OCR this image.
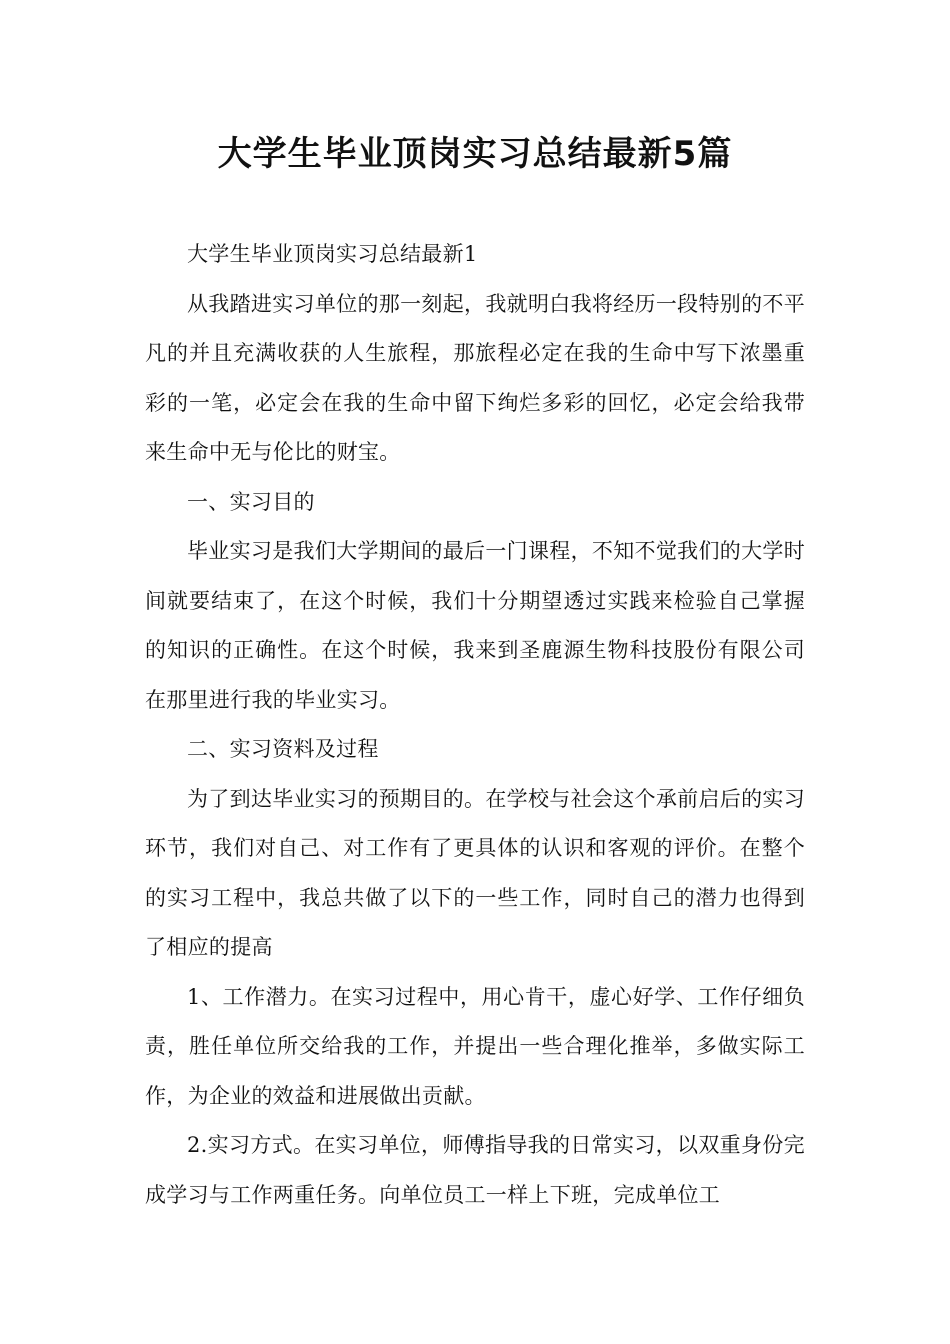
大学生毕业顶岗实习总结最新5篇

大学生毕业顶岗实习总结最新1

从我踏进实习单位的那一刻起，我就明白我将经历一段特别的不平凡的并且充满收获的人生旅程，那旅程必定在我的生命中写下浓墨重彩的一笔，必定会在我的生命中留下绚烂多彩的回忆，必定会给我带来生命中无与伦比的财宝。

一、实习目的

毕业实习是我们大学期间的最后一门课程，不知不觉我们的大学时间就要结束了，在这个时候，我们十分期望透过实践来检验自己掌握的知识的正确性。在这个时候，我来到圣鹿源生物科技股份有限公司在那里进行我的毕业实习。

二、实习资料及过程

为了到达毕业实习的预期目的。在学校与社会这个承前启后的实习环节，我们对自己、对工作有了更具体的认识和客观的评价。在整个的实习工程中，我总共做了以下的一些工作，同时自己的潜力也得到了相应的提高

1、工作潜力。在实习过程中，用心肯干，虚心好学、工作仔细负责，胜任单位所交给我的工作，并提出一些合理化推举，多做实际工作，为企业的效益和进展做出贡献。

2.实习方式。在实习单位，师傅指导我的日常实习，以双重身份完成学习与工作两重任务。向单位员工一样上下班，完成单位工
